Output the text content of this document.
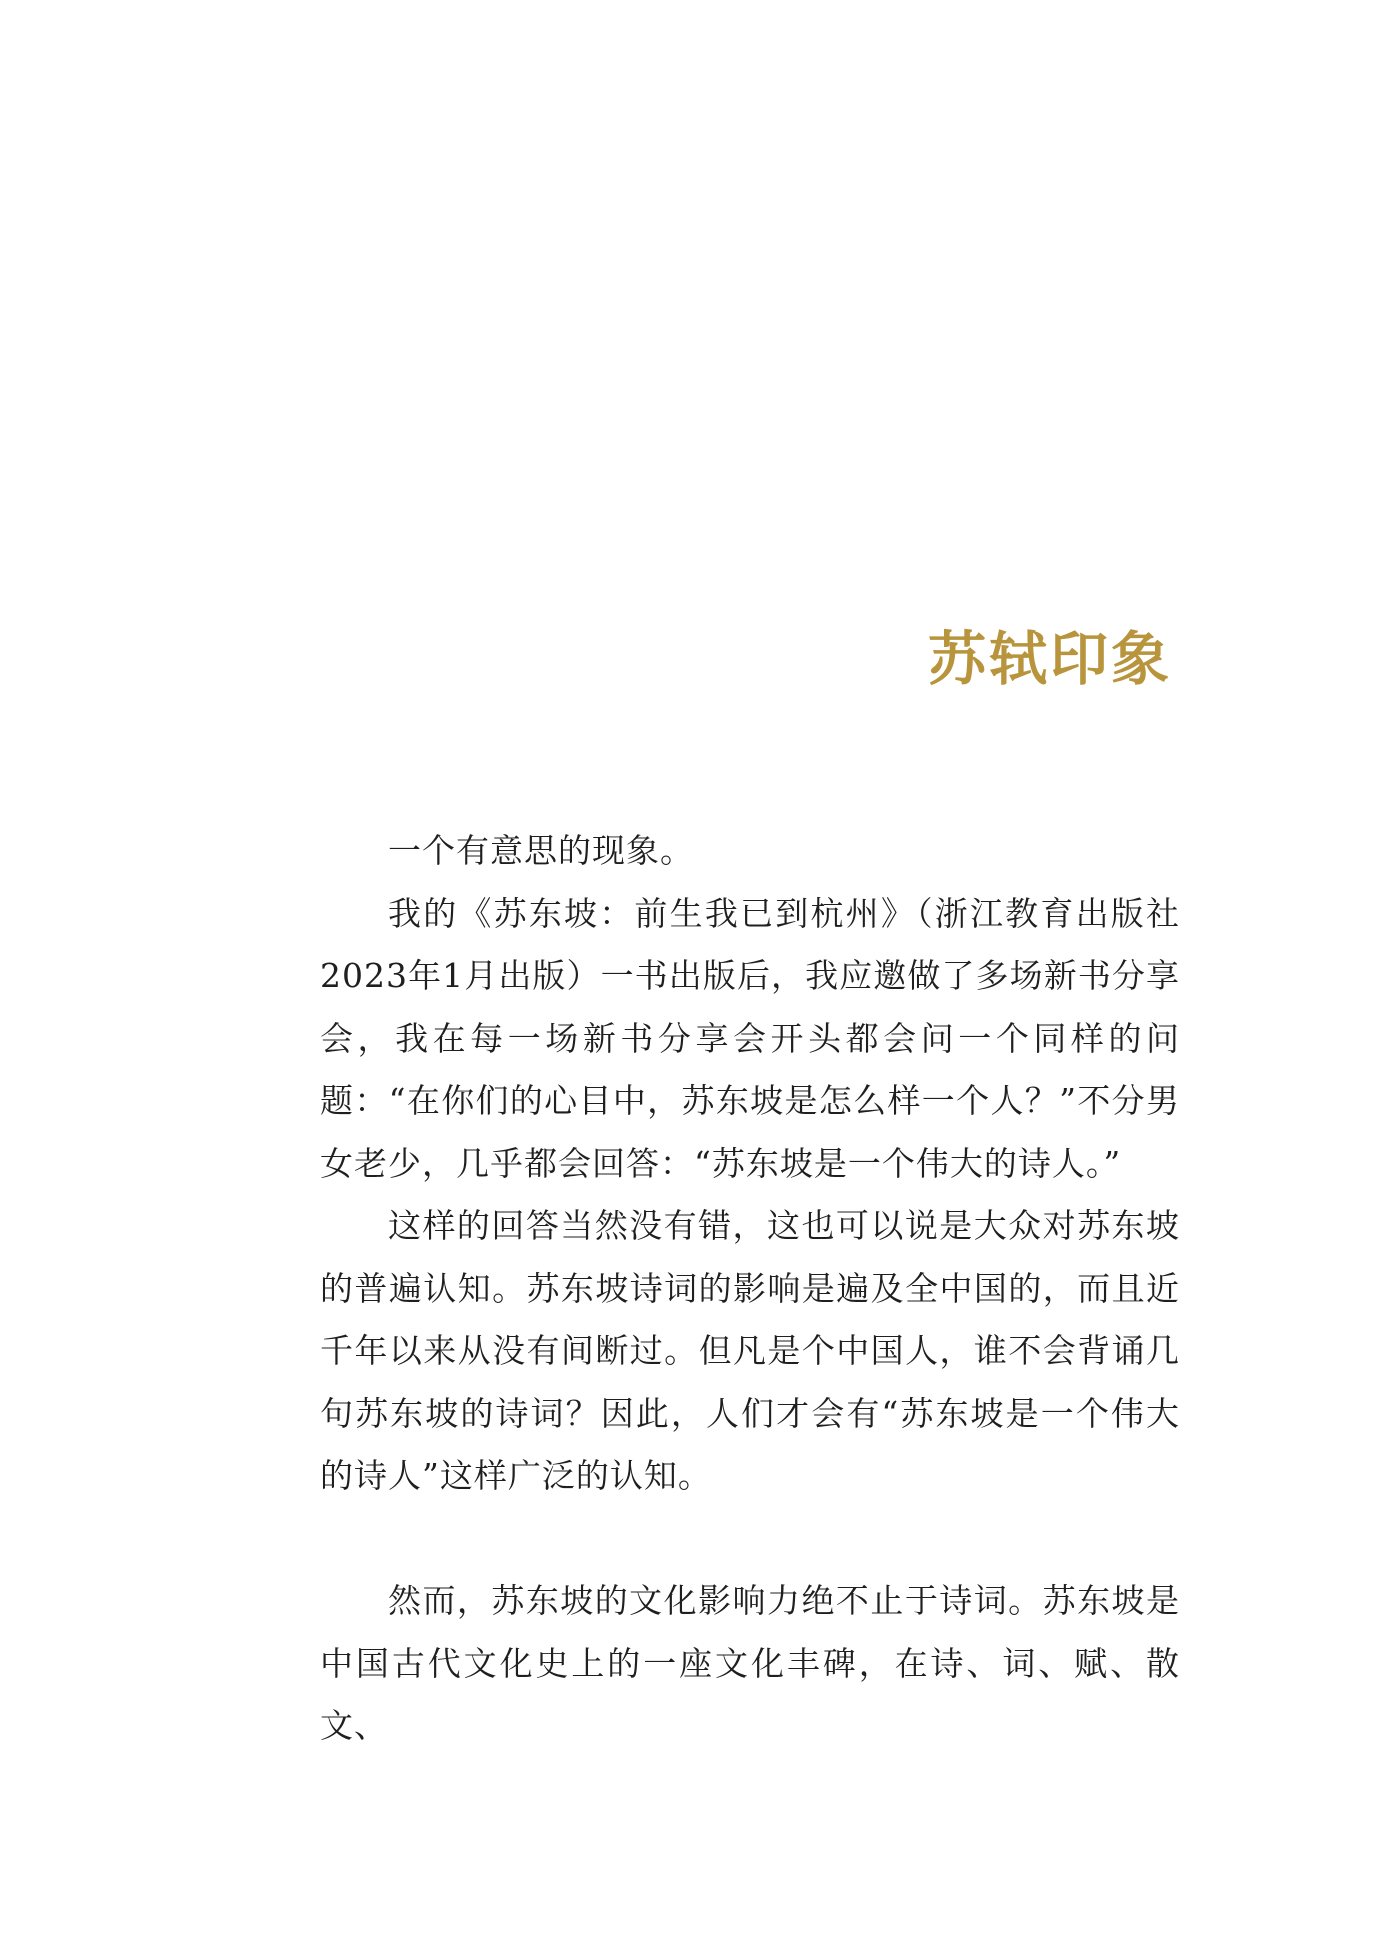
苏轼印象

一个有意思的现象。

我的《苏东坡：前生我已到杭州》（浙江教育出版社2023年1月出版）一书出版后，我应邀做了多场新书分享会，我在每一场新书分享会开头都会问一个同样的问题：“在你们的心目中，苏东坡是怎么样一个人？”不分男女老少，几乎都会回答：“苏东坡是一个伟大的诗人。”

这样的回答当然没有错，这也可以说是大众对苏东坡的普遍认知。苏东坡诗词的影响是遍及全中国的，而且近千年以来从没有间断过。但凡是个中国人，谁不会背诵几句苏东坡的诗词？因此，人们才会有“苏东坡是一个伟大的诗人”这样广泛的认知。

然而，苏东坡的文化影响力绝不止于诗词。苏东坡是中国古代文化史上的一座文化丰碑，在诗、词、赋、散文、
